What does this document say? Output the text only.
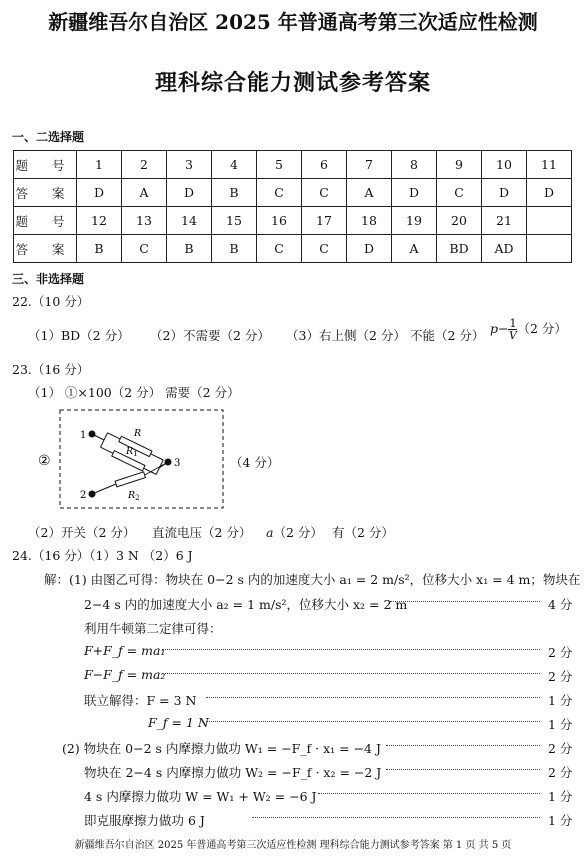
新疆维吾尔自治区 2025 年普通高考第三次适应性检测
理科综合能力测试参考答案
一、二选择题
题 号	1	2	3	4	5	6	7	8	9	10	11
答 案	D	A	D	B	C	C	A	D	C	D	D
题 号	12	13	14	15	16	17	18	19	20	21	
答 案	B	C	B	B	C	C	D	A	BD	AD	
三、非选择题
22.（10 分）
（1）BD（2 分） （2）不需要（2 分） （3）右上侧（2 分） 不能（2 分） $p- \frac{1}{V} (2$ 分）
23.（16 分）
（1） ①×100（2 分） 需要（2 分）
②
1
2
3
R
$R_1$
$R_2$
（4 分）
（2）开关（2 分） 直流电压（2 分） a（2 分） 有（2 分）
24.（16 分）（1）3 N （2）6 J
解：(1) 由图乙可得：物块在 0−2 s 内的加速度大小 a₁ = 2 m/s²，位移大小 x₁ = 4 m；物块在
2−4 s 内的加速度大小 a₂ = 1 m/s²，位移大小 x₂ = 2 m	4 分
利用牛顿第二定律可得：
F+F_f = ma₁	2 分
F−F_f = ma₂	2 分
联立解得：F = 3 N	1 分
F_f = 1 N	1 分
(2) 物块在 0−2 s 内摩擦力做功 W₁ = −F_f · x₁ = −4 J	2 分
物块在 2−4 s 内摩擦力做功 W₂ = −F_f · x₂ = −2 J	2 分
4 s 内摩擦力做功 W = W₁ + W₂ = −6 J	1 分
即克服摩擦力做功 6 J	1 分
新疆维吾尔自治区 2025 年普通高考第三次适应性检测 理科综合能力测试参考答案 第 1 页 共 5 页
